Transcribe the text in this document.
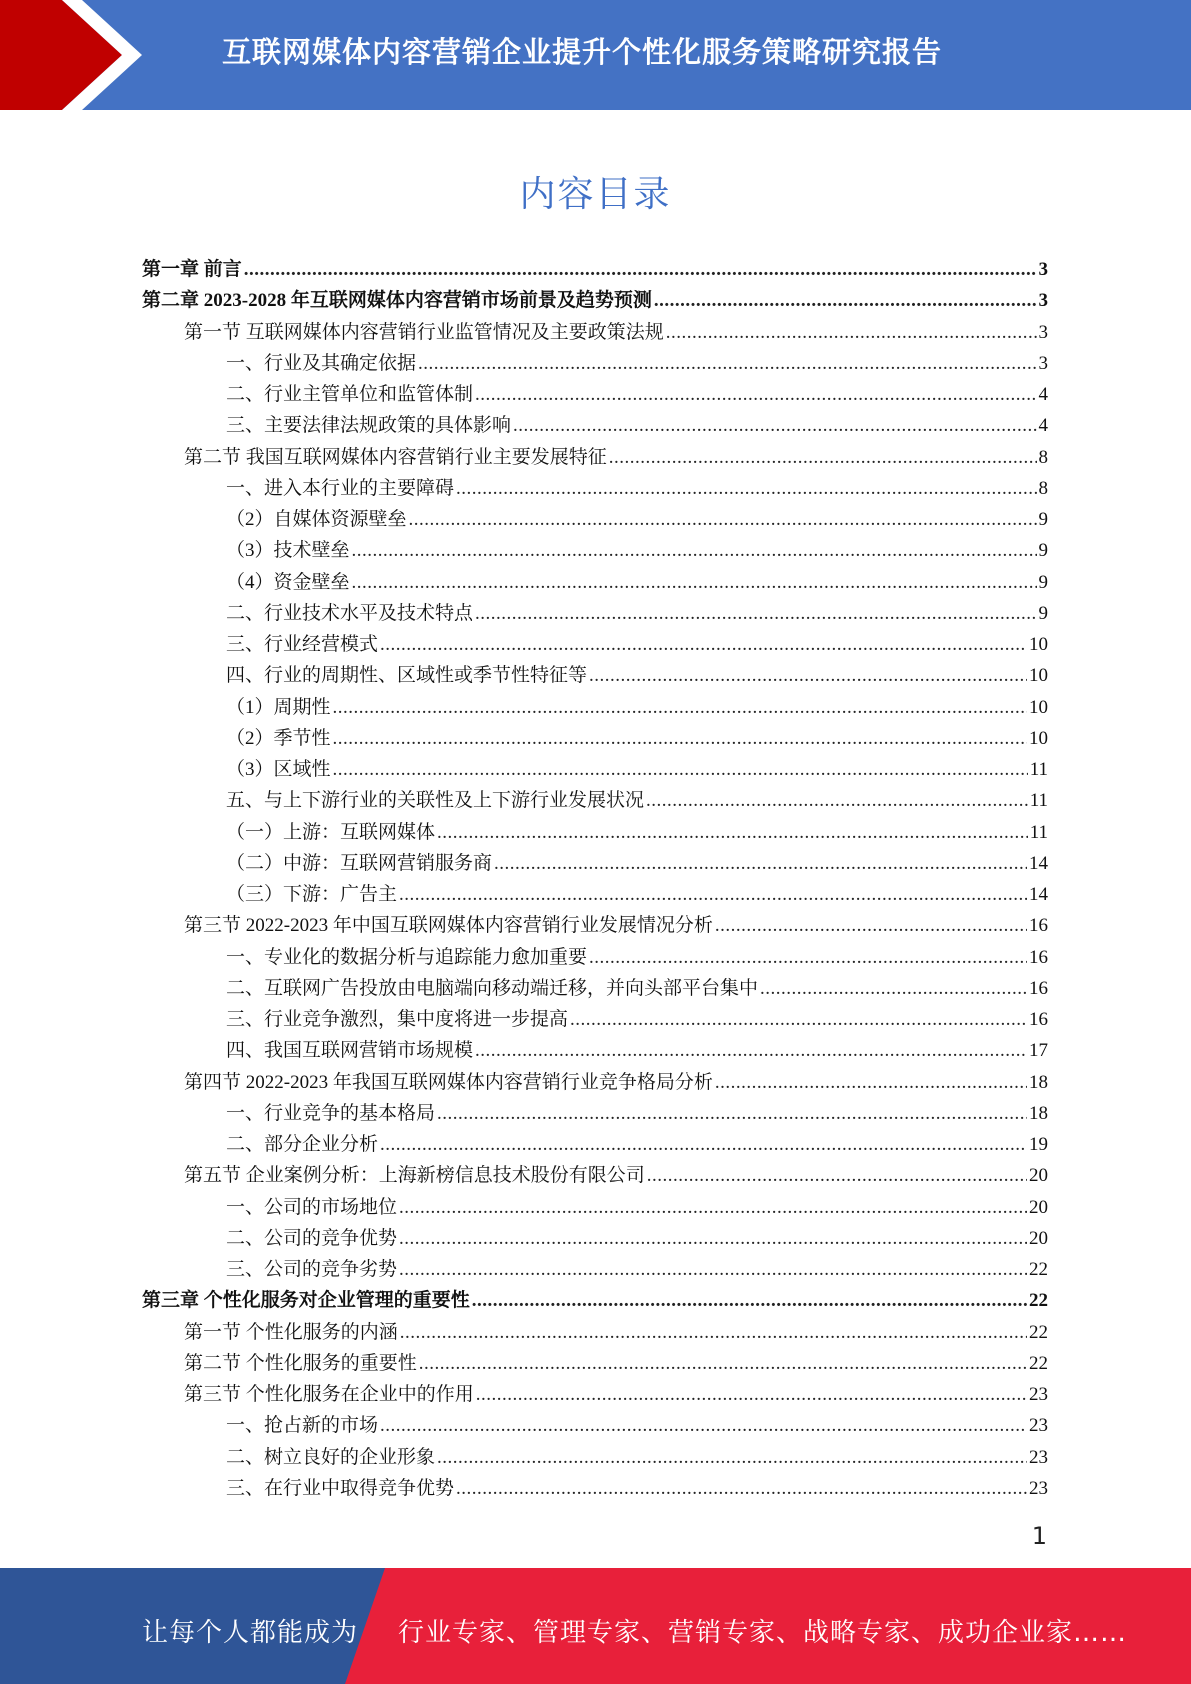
互联网媒体内容营销企业提升个性化服务策略研究报告
内容目录
第一章 前言 .....	3
第二章 2023-2028 年互联网媒体内容营销市场前景及趋势预测 .....	3
第一节 互联网媒体内容营销行业监管情况及主要政策法规 .....	3
一、行业及其确定依据 .....	3
二、行业主管单位和监管体制 .....	4
三、主要法律法规政策的具体影响 .....	4
第二节 我国互联网媒体内容营销行业主要发展特征 .....	8
一、进入本行业的主要障碍 .....	8
（2）自媒体资源壁垒 .....	9
（3）技术壁垒 .....	9
（4）资金壁垒 .....	9
二、行业技术水平及技术特点 .....	9
三、行业经营模式 .....	10
四、行业的周期性、区域性或季节性特征等 .....	10
（1）周期性 .....	10
（2）季节性 .....	10
（3）区域性 .....	11
五、与上下游行业的关联性及上下游行业发展状况 .....	11
（一）上游：互联网媒体 .....	11
（二）中游：互联网营销服务商 .....	14
（三）下游：广告主 .....	14
第三节 2022-2023 年中国互联网媒体内容营销行业发展情况分析 .....	16
一、专业化的数据分析与追踪能力愈加重要 .....	16
二、互联网广告投放由电脑端向移动端迁移，并向头部平台集中 .....	16
三、行业竞争激烈，集中度将进一步提高 .....	16
四、我国互联网营销市场规模 .....	17
第四节 2022-2023 年我国互联网媒体内容营销行业竞争格局分析 .....	18
一、行业竞争的基本格局 .....	18
二、部分企业分析 .....	19
第五节 企业案例分析：上海新榜信息技术股份有限公司 .....	20
一、公司的市场地位 .....	20
二、公司的竞争优势 .....	20
三、公司的竞争劣势 .....	22
第三章 个性化服务对企业管理的重要性 .....	22
第一节 个性化服务的内涵 .....	22
第二节 个性化服务的重要性 .....	22
第三节 个性化服务在企业中的作用 .....	23
一、抢占新的市场 .....	23
二、树立良好的企业形象 .....	23
三、在行业中取得竞争优势 .....	23
1
让每个人都能成为 行业专家、管理专家、营销专家、战略专家、成功企业家……
